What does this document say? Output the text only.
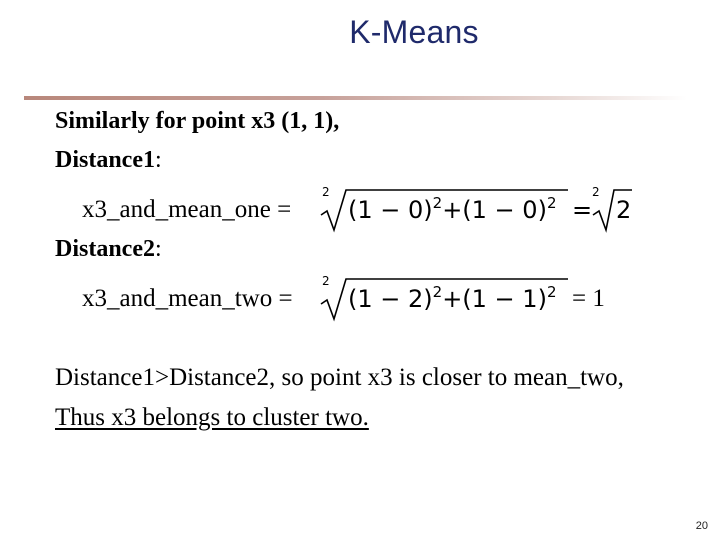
K-Means
Similarly for point x3 (1, 1),
Distance1:
x3_and_mean_one =
2
$(1 - 0)^2+(1 - 0)^2$ =
2
2
Distance2:
x3_and_mean_two =
2
$(1 - 2)^2+(1 - 1)^2 = 1$
Distance1>Distance2, so point x3 is closer to mean_two,
Thus x3 belongs to cluster two.
20
